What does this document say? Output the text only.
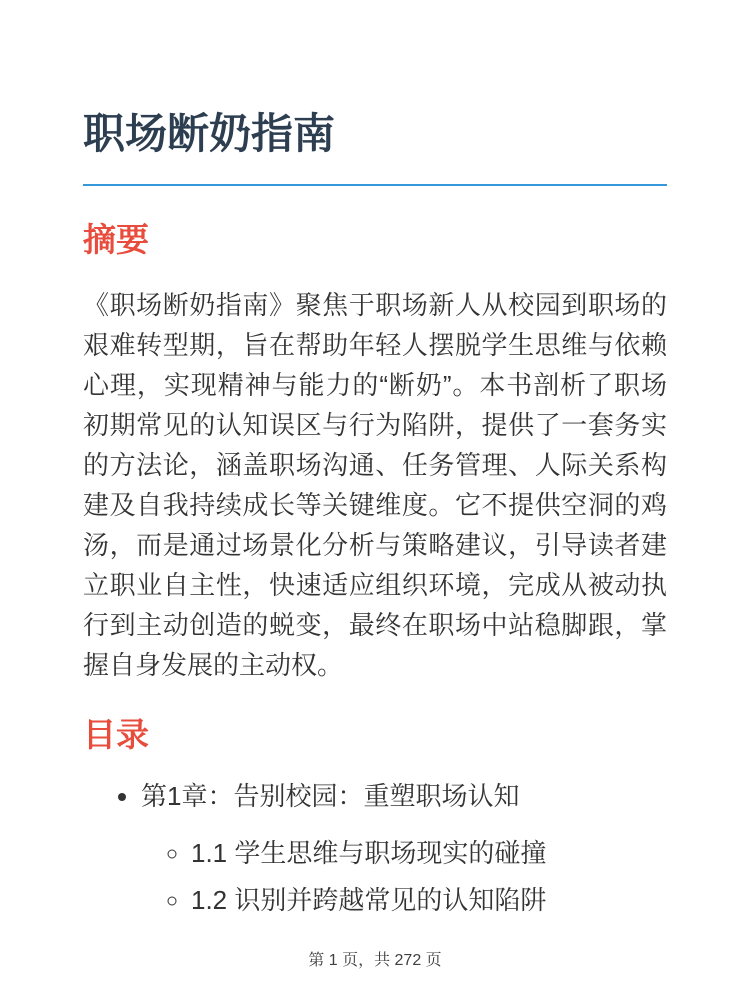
职场断奶指南
摘要

《职场断奶指南》聚焦于职场新人从校园到职场的艰难转型期，旨在帮助年轻人摆脱学生思维与依赖心理，实现精神与能力的“断奶”。本书剖析了职场初期常见的认知误区与行为陷阱，提供了一套务实的方法论，涵盖职场沟通、任务管理、人际关系构建及自我持续成长等关键维度。它不提供空洞的鸡汤，而是通过场景化分析与策略建议，引导读者建立职业自主性，快速适应组织环境，完成从被动执行到主动创造的蜕变，最终在职场中站稳脚跟，掌握自身发展的主动权。

目录
• 第1章：告别校园：重塑职场认知
◦ 1.1 学生思维与职场现实的碰撞
◦ 1.2 识别并跨越常见的认知陷阱
第 1 页，共 272 页
